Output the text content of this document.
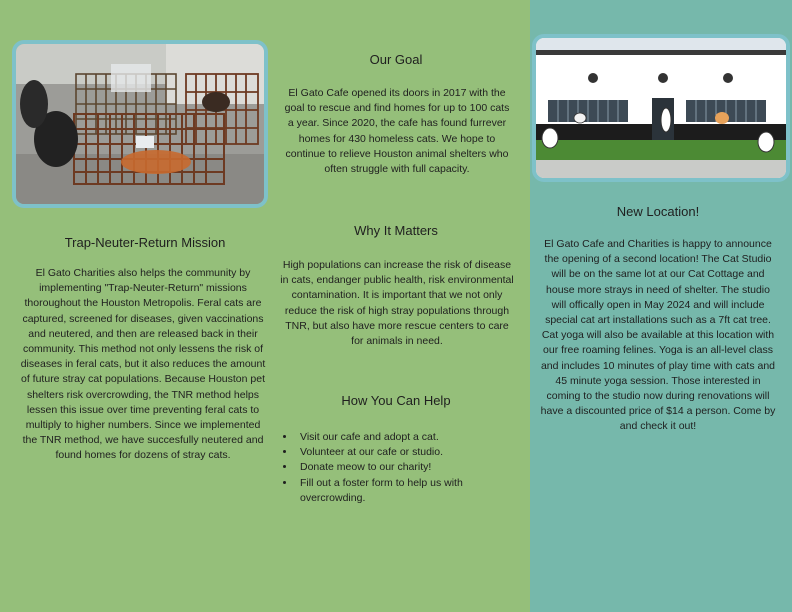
Trap-Neuter-Return Mission

El Gato Charities also helps the community by implementing "Trap-Neuter-Return" missions thoroughout the Houston Metropolis. Feral cats are captured, screened for diseases, given vaccinations and neutered, and then are released back in their community. This method not only lessens the risk of diseases in feral cats, but it also reduces the amount of future stray cat populations. Because Houston pet shelters risk overcrowding, the TNR method helps lessen this issue over time preventing feral cats to multiply to higher numbers. Since we implemented the TNR method, we have succesfully neutered and found homes for dozens of stray cats.

Our Goal

El Gato Cafe opened its doors in 2017 with the goal to rescue and find homes for up to 100 cats a year. Since 2020, the cafe has found furrever homes for 430 homeless cats. We hope to continue to relieve Houston animal shelters who often struggle with full capacity.

Why It Matters

High populations can increase the risk of disease in cats, endanger public health, risk environmental contamination. It is important that we not only reduce the risk of high stray populations through TNR, but also have more rescue centers to care for animals in need.

How You Can Help
• Visit our cafe and adopt a cat.
• Volunteer at our cafe or studio.
• Donate meow to our charity!
• Fill out a foster form to help us with overcrowding.
New Location!

El Gato Cafe and Charities is happy to announce the opening of a second location! The Cat Studio will be on the same lot at our Cat Cottage and house more strays in need of shelter. The studio will offically open in May 2024 and will include special cat art installations such as a 7ft cat tree. Cat yoga will also be available at this location with our free roaming felines. Yoga is an all-level class and includes 10 minutes of play time with cats and 45 minute yoga session. Those interested in coming to the studio now during renovations will have a discounted price of $14 a person. Come by and check it out!
